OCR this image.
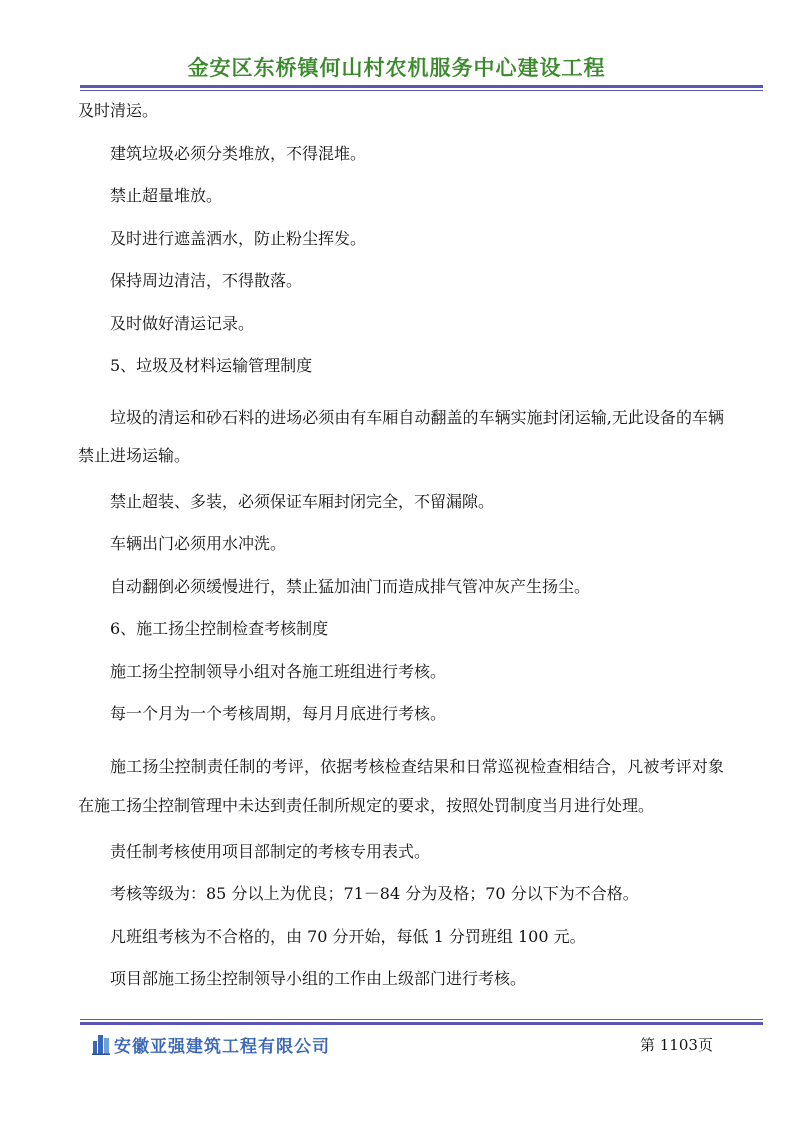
金安区东桥镇何山村农机服务中心建设工程

及时清运。

建筑垃圾必须分类堆放，不得混堆。

禁止超量堆放。

及时进行遮盖洒水，防止粉尘挥发。

保持周边清洁，不得散落。

及时做好清运记录。

5、垃圾及材料运输管理制度

垃圾的清运和砂石料的进场必须由有车厢自动翻盖的车辆实施封闭运输,无此设备的车辆禁止进场运输。

禁止超装、多装，必须保证车厢封闭完全，不留漏隙。

车辆出门必须用水冲洗。

自动翻倒必须缓慢进行，禁止猛加油门而造成排气管冲灰产生扬尘。

6、施工扬尘控制检查考核制度

施工扬尘控制领导小组对各施工班组进行考核。

每一个月为一个考核周期，每月月底进行考核。

施工扬尘控制责任制的考评，依据考核检查结果和日常巡视检查相结合，凡被考评对象在施工扬尘控制管理中未达到责任制所规定的要求，按照处罚制度当月进行处理。

责任制考核使用项目部制定的考核专用表式。

考核等级为：85 分以上为优良；71－84 分为及格；70 分以下为不合格。

凡班组考核为不合格的，由 70 分开始，每低 1 分罚班组 100 元。

项目部施工扬尘控制领导小组的工作由上级部门进行考核。

安徽亚强建筑工程有限公司	第 1103页
